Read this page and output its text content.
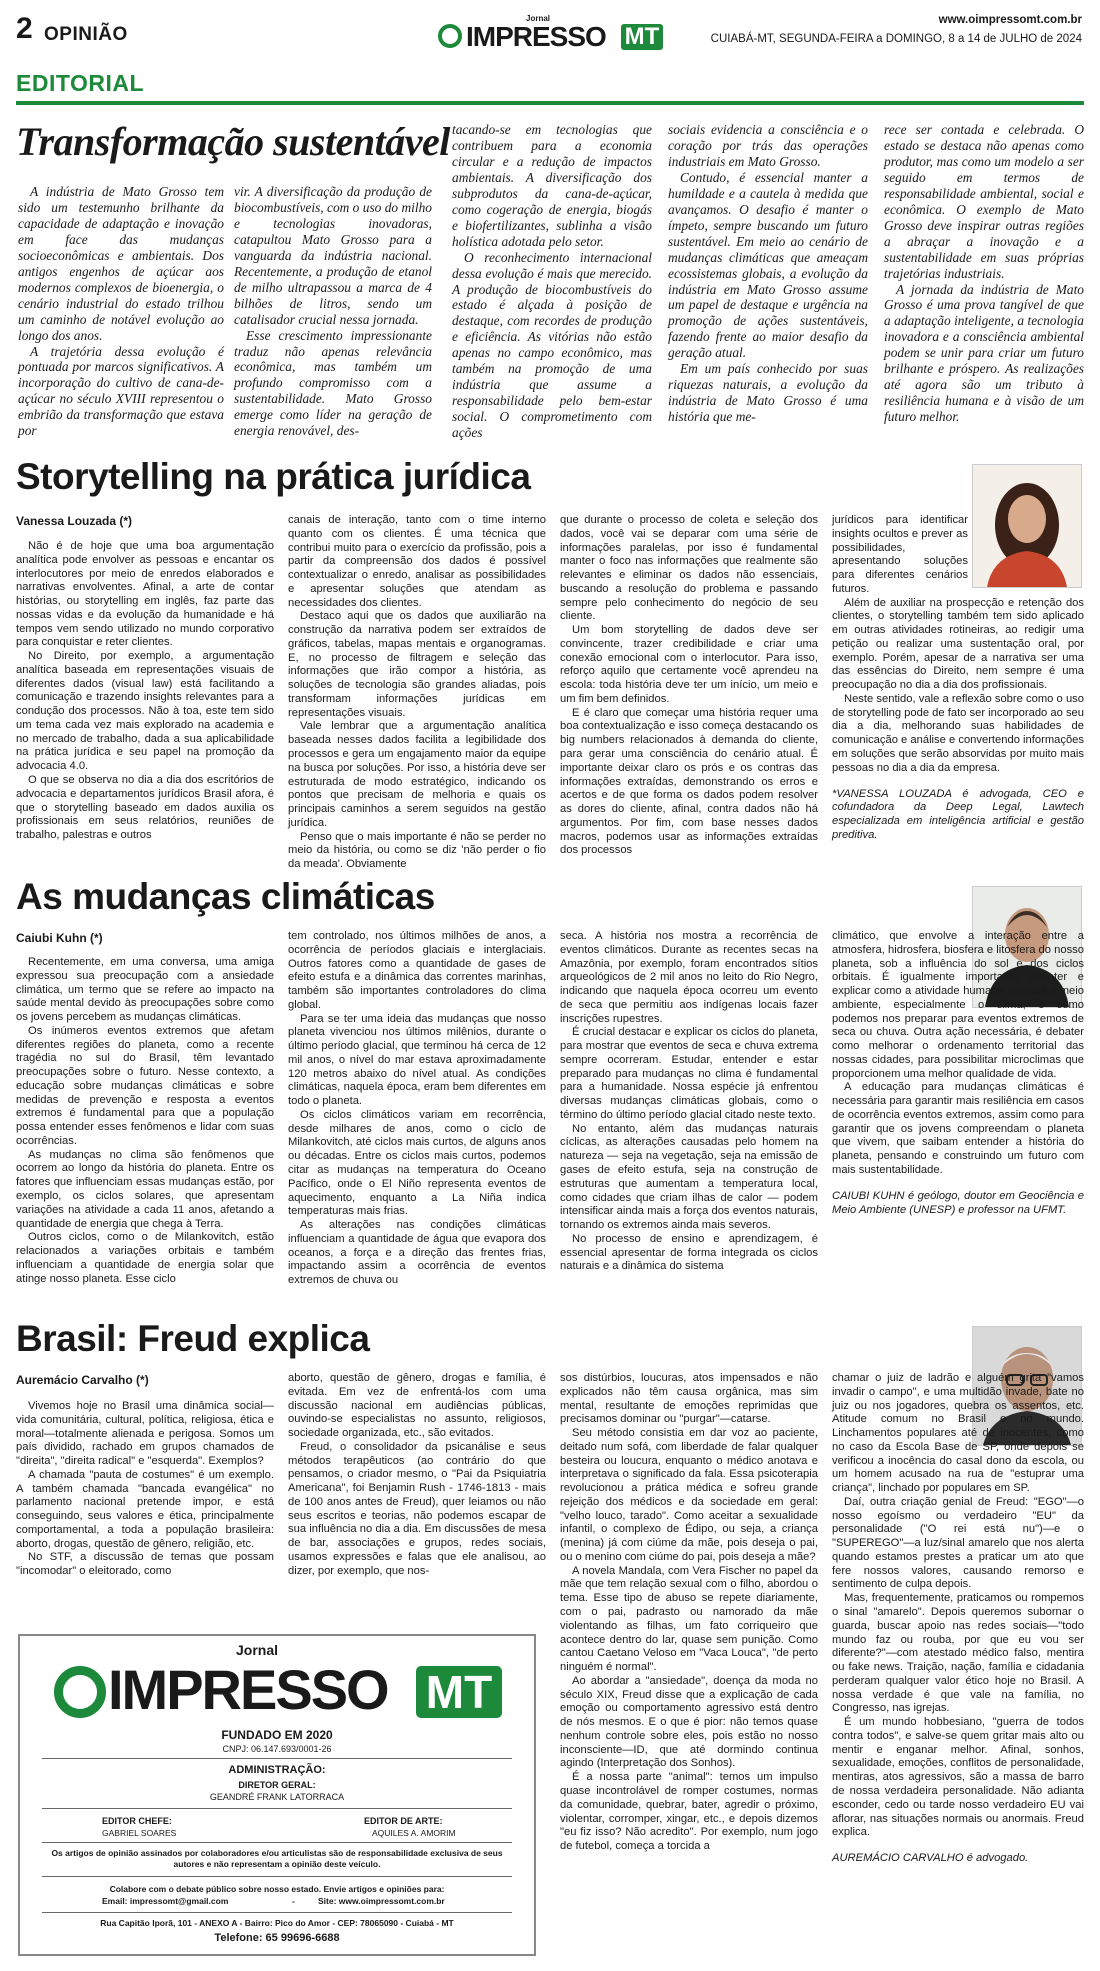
2 OPINIÃO
Jornal
IMPRESSO MT
www.oimpressomt.com.br
CUIABÁ-MT, SEGUNDA-FEIRA a DOMINGO, 8 a 14 de JULHO de 2024
EDITORIAL
Transformação sustentável

A indústria de Mato Grosso tem sido um testemunho brilhante da capacidade de adaptação e inovação em face das mudanças socioeconômicas e ambientais. Dos antigos engenhos de açúcar aos modernos complexos de bioenergia, o cenário industrial do estado trilhou um caminho de notável evolução ao longo dos anos.

A trajetória dessa evolução é pontuada por marcos significativos. A incorporação do cultivo de cana-de-açúcar no século XVIII representou o embrião da transformação que estava por

vir. A diversificação da produção de biocombustíveis, com o uso do milho e tecnologias inovadoras, catapultou Mato Grosso para a vanguarda da indústria nacional. Recentemente, a produção de etanol de milho ultrapassou a marca de 4 bilhões de litros, sendo um catalisador crucial nessa jornada.

Esse crescimento impressionante traduz não apenas relevância econômica, mas também um profundo compromisso com a sustentabilidade. Mato Grosso emerge como líder na geração de energia renovável, des-

tacando-se em tecnologias que contribuem para a economia circular e a redução de impactos ambientais. A diversificação dos subprodutos da cana-de-açúcar, como cogeração de energia, biogás e biofertilizantes, sublinha a visão holística adotada pelo setor.

O reconhecimento internacional dessa evolução é mais que merecido. A produção de biocombustíveis do estado é alçada à posição de destaque, com recordes de produção e eficiência. As vitórias não estão apenas no campo econômico, mas também na promoção de uma indústria que assume a responsabilidade pelo bem-estar social. O comprometimento com ações

sociais evidencia a consciência e o coração por trás das operações industriais em Mato Grosso.

Contudo, é essencial manter a humildade e a cautela à medida que avançamos. O desafio é manter o ímpeto, sempre buscando um futuro sustentável. Em meio ao cenário de mudanças climáticas que ameaçam ecossistemas globais, a evolução da indústria em Mato Grosso assume um papel de destaque e urgência na promoção de ações sustentáveis, fazendo frente ao maior desafio da geração atual.

Em um país conhecido por suas riquezas naturais, a evolução da indústria de Mato Grosso é uma história que me-

rece ser contada e celebrada. O estado se destaca não apenas como produtor, mas como um modelo a ser seguido em termos de responsabilidade ambiental, social e econômica. O exemplo de Mato Grosso deve inspirar outras regiões a abraçar a inovação e a sustentabilidade em suas próprias trajetórias industriais.

A jornada da indústria de Mato Grosso é uma prova tangível de que a adaptação inteligente, a tecnologia inovadora e a consciência ambiental podem se unir para criar um futuro brilhante e próspero. As realizações até agora são um tributo à resiliência humana e à visão de um futuro melhor.

Storytelling na prática jurídica
Vanessa Louzada (*)

Não é de hoje que uma boa argumentação analítica pode envolver as pessoas e encantar os interlocutores por meio de enredos elaborados e narrativas envolventes. Afinal, a arte de contar histórias, ou storytelling em inglês, faz parte das nossas vidas e da evolução da humanidade e há tempos vem sendo utilizado no mundo corporativo para conquistar e reter clientes.

No Direito, por exemplo, a argumentação analítica baseada em representações visuais de diferentes dados (visual law) está facilitando a comunicação e trazendo insights relevantes para a condução dos processos. Não à toa, este tem sido um tema cada vez mais explorado na academia e no mercado de trabalho, dada a sua aplicabilidade na prática jurídica e seu papel na promoção da advocacia 4.0.

O que se observa no dia a dia dos escritórios de advocacia e departamentos jurídicos Brasil afora, é que o storytelling baseado em dados auxilia os profissionais em seus relatórios, reuniões de trabalho, palestras e outros

canais de interação, tanto com o time interno quanto com os clientes. É uma técnica que contribui muito para o exercício da profissão, pois a partir da compreensão dos dados é possível contextualizar o enredo, analisar as possibilidades e apresentar soluções que atendam as necessidades dos clientes.

Destaco aqui que os dados que auxiliarão na construção da narrativa podem ser extraídos de gráficos, tabelas, mapas mentais e organogramas. E, no processo de filtragem e seleção das informações que irão compor a história, as soluções de tecnologia são grandes aliadas, pois transformam informações jurídicas em representações visuais.

Vale lembrar que a argumentação analítica baseada nesses dados facilita a legibilidade dos processos e gera um engajamento maior da equipe na busca por soluções. Por isso, a história deve ser estruturada de modo estratégico, indicando os pontos que precisam de melhoria e quais os principais caminhos a serem seguidos na gestão jurídica.

Penso que o mais importante é não se perder no meio da história, ou como se diz 'não perder o fio da meada'. Obviamente

que durante o processo de coleta e seleção dos dados, você vai se deparar com uma série de informações paralelas, por isso é fundamental manter o foco nas informações que realmente são relevantes e eliminar os dados não essenciais, buscando a resolução do problema e passando sempre pelo conhecimento do negócio de seu cliente.

Um bom storytelling de dados deve ser convincente, trazer credibilidade e criar uma conexão emocional com o interlocutor. Para isso, reforço aquilo que certamente você aprendeu na escola: toda história deve ter um início, um meio e um fim bem definidos.

E é claro que começar uma história requer uma boa contextualização e isso começa destacando os big numbers relacionados à demanda do cliente, para gerar uma consciência do cenário atual. É importante deixar claro os prós e os contras das informações extraídas, demonstrando os erros e acertos e de que forma os dados podem resolver as dores do cliente, afinal, contra dados não há argumentos. Por fim, com base nesses dados macros, podemos usar as informações extraídas dos processos

jurídicos para identificar insights ocultos e prever as possibilidades, apresentando soluções para diferentes cenários futuros.

Além de auxiliar na prospecção e retenção dos clientes, o storytelling também tem sido aplicado em outras atividades rotineiras, ao redigir uma petição ou realizar uma sustentação oral, por exemplo. Porém, apesar de a narrativa ser uma das essências do Direito, nem sempre é uma preocupação no dia a dia dos profissionais.

Neste sentido, vale a reflexão sobre como o uso de storytelling pode de fato ser incorporado ao seu dia a dia, melhorando suas habilidades de comunicação e análise e convertendo informações em soluções que serão absorvidas por muito mais pessoas no dia a dia da empresa.

*VANESSA LOUZADA é advogada, CEO e cofundadora da Deep Legal, Lawtech especializada em inteligência artificial e gestão preditiva.

As mudanças climáticas
Caiubi Kuhn (*)

Recentemente, em uma conversa, uma amiga expressou sua preocupação com a ansiedade climática, um termo que se refere ao impacto na saúde mental devido às preocupações sobre como os jovens percebem as mudanças climáticas.

Os inúmeros eventos extremos que afetam diferentes regiões do planeta, como a recente tragédia no sul do Brasil, têm levantado preocupações sobre o futuro. Nesse contexto, a educação sobre mudanças climáticas e sobre medidas de prevenção e resposta a eventos extremos é fundamental para que a população possa entender esses fenômenos e lidar com suas ocorrências.

As mudanças no clima são fenômenos que ocorrem ao longo da história do planeta. Entre os fatores que influenciam essas mudanças estão, por exemplo, os ciclos solares, que apresentam variações na atividade a cada 11 anos, afetando a quantidade de energia que chega à Terra.

Outros ciclos, como o de Milankovitch, estão relacionados a variações orbitais e também influenciam a quantidade de energia solar que atinge nosso planeta. Esse ciclo

tem controlado, nos últimos milhões de anos, a ocorrência de períodos glaciais e interglaciais. Outros fatores como a quantidade de gases de efeito estufa e a dinâmica das correntes marinhas, também são importantes controladores do clima global.

Para se ter uma ideia das mudanças que nosso planeta vivenciou nos últimos milênios, durante o último período glacial, que terminou há cerca de 12 mil anos, o nível do mar estava aproximadamente 120 metros abaixo do nível atual. As condições climáticas, naquela época, eram bem diferentes em todo o planeta.

Os ciclos climáticos variam em recorrência, desde milhares de anos, como o ciclo de Milankovitch, até ciclos mais curtos, de alguns anos ou décadas. Entre os ciclos mais curtos, podemos citar as mudanças na temperatura do Oceano Pacífico, onde o El Niño representa eventos de aquecimento, enquanto a La Niña indica temperaturas mais frias.

As alterações nas condições climáticas influenciam a quantidade de água que evapora dos oceanos, a força e a direção das frentes frias, impactando assim a ocorrência de eventos extremos de chuva ou

seca. A história nos mostra a recorrência de eventos climáticos. Durante as recentes secas na Amazônia, por exemplo, foram encontrados sítios arqueológicos de 2 mil anos no leito do Rio Negro, indicando que naquela época ocorreu um evento de seca que permitiu aos indígenas locais fazer inscrições rupestres.

É crucial destacar e explicar os ciclos do planeta, para mostrar que eventos de seca e chuva extrema sempre ocorreram. Estudar, entender e estar preparado para mudanças no clima é fundamental para a humanidade. Nossa espécie já enfrentou diversas mudanças climáticas globais, como o término do último período glacial citado neste texto.

No entanto, além das mudanças naturais cíclicas, as alterações causadas pelo homem na natureza — seja na vegetação, seja na emissão de gases de efeito estufa, seja na construção de estruturas que aumentam a temperatura local, como cidades que criam ilhas de calor — podem intensificar ainda mais a força dos eventos naturais, tornando os extremos ainda mais severos.

No processo de ensino e aprendizagem, é essencial apresentar de forma integrada os ciclos naturais e a dinâmica do sistema

climático, que envolve a interação entre a atmosfera, hidrosfera, biosfera e litosfera do nosso planeta, sob a influência do sol e dos ciclos orbitais. É igualmente importante debater e explicar como a atividade humana impacta o meio ambiente, especialmente o clima, e como podemos nos preparar para eventos extremos de seca ou chuva. Outra ação necessária, é debater como melhorar o ordenamento territorial das nossas cidades, para possibilitar microclimas que proporcionem uma melhor qualidade de vida.

A educação para mudanças climáticas é necessária para garantir mais resiliência em casos de ocorrência eventos extremos, assim como para garantir que os jovens compreendam o planeta que vivem, que saibam entender a história do planeta, pensando e construindo um futuro com mais sustentabilidade.

CAIUBI KUHN é geólogo, doutor em Geociência e Meio Ambiente (UNESP) e professor na UFMT.

Brasil: Freud explica
Auremácio Carvalho (*)

Vivemos hoje no Brasil uma dinâmica social—vida comunitária, cultural, política, religiosa, ética e moral—totalmente alienada e perigosa. Somos um país dividido, rachado em grupos chamados de "direita", "direita radical" e "esquerda". Exemplos?

A chamada "pauta de costumes" é um exemplo. A também chamada "bancada evangélica" no parlamento nacional pretende impor, e está conseguindo, seus valores e ética, principalmente comportamental, a toda a população brasileira: aborto, drogas, questão de gênero, religião, etc.

No STF, a discussão de temas que possam "incomodar" o eleitorado, como

aborto, questão de gênero, drogas e família, é evitada. Em vez de enfrentá-los com uma discussão nacional em audiências públicas, ouvindo-se especialistas no assunto, religiosos, sociedade organizada, etc., são evitados.

Freud, o consolidador da psicanálise e seus métodos terapêuticos (ao contrário do que pensamos, o criador mesmo, o "Pai da Psiquiatria Americana", foi Benjamin Rush - 1746-1813 - mais de 100 anos antes de Freud), quer leiamos ou não seus escritos e teorias, não podemos escapar de sua influência no dia a dia. Em discussões de mesa de bar, associações e grupos, redes sociais, usamos expressões e falas que ele analisou, ao dizer, por exemplo, que nos-

sos distúrbios, loucuras, atos impensados e não explicados não têm causa orgânica, mas sim mental, resultante de emoções reprimidas que precisamos dominar ou "purgar"—catarse.

Seu método consistia em dar voz ao paciente, deitado num sofá, com liberdade de falar qualquer besteira ou loucura, enquanto o médico anotava e interpretava o significado da fala. Essa psicoterapia revolucionou a prática médica e sofreu grande rejeição dos médicos e da sociedade em geral: "velho louco, tarado". Como aceitar a sexualidade infantil, o complexo de Édipo, ou seja, a criança (menina) já com ciúme da mãe, pois deseja o pai, ou o menino com ciúme do pai, pois deseja a mãe?

A novela Mandala, com Vera Fischer no papel da mãe que tem relação sexual com o filho, abordou o tema. Esse tipo de abuso se repete diariamente, com o pai, padrasto ou namorado da mãe violentando as filhas, um fato corriqueiro que acontece dentro do lar, quase sem punição. Como cantou Caetano Veloso em "Vaca Louca", "de perto ninguém é normal".

Ao abordar a "ansiedade", doença da moda no século XIX, Freud disse que a explicação de cada emoção ou comportamento agressivo está dentro de nós mesmos. E o que é pior: não temos quase nenhum controle sobre eles, pois estão no nosso inconsciente—ID, que até dormindo continua agindo (Interpretação dos Sonhos).

É a nossa parte "animal": temos um impulso quase incontrolável de romper costumes, normas da comunidade, quebrar, bater, agredir o próximo, violentar, corromper, xingar, etc., e depois dizemos "eu fiz isso? Não acredito". Por exemplo, num jogo de futebol, começa a torcida a

chamar o juiz de ladrão e alguém grita "vamos invadir o campo", e uma multidão invade, bate no juiz ou nos jogadores, quebra os assentos, etc. Atitude comum no Brasil e no mundo. Linchamentos populares até de inocentes, como no caso da Escola Base de SP, onde depois se verificou a inocência do casal dono da escola, ou um homem acusado na rua de "estuprar uma criança", linchado por populares em SP.

Daí, outra criação genial de Freud: "EGO"—o nosso egoísmo ou verdadeiro "EU" da personalidade ("O rei está nu")—e o "SUPEREGO"—a luz/sinal amarelo que nos alerta quando estamos prestes a praticar um ato que fere nossos valores, causando remorso e sentimento de culpa depois.

Mas, frequentemente, praticamos ou rompemos o sinal "amarelo". Depois queremos subornar o guarda, buscar apoio nas redes sociais—"todo mundo faz ou rouba, por que eu vou ser diferente?"—com atestado médico falso, mentira ou fake news. Traição, nação, família e cidadania perderam qualquer valor ético hoje no Brasil. A nossa verdade é que vale na família, no Congresso, nas igrejas.

É um mundo hobbesiano, "guerra de todos contra todos", e salve-se quem gritar mais alto ou mentir e enganar melhor. Afinal, sonhos, sexualidade, emoções, conflitos de personalidade, mentiras, atos agressivos, são a massa de barro de nossa verdadeira personalidade. Não adianta esconder, cedo ou tarde nosso verdadeiro EU vai aflorar, nas situações normais ou anormais. Freud explica.

AUREMÁCIO CARVALHO é advogado.

Jornal
IMPRESSO MT
FUNDADO EM 2020
CNPJ: 06.147.693/0001-26
ADMINISTRAÇÃO:
DIRETOR GERAL:
GEANDRÉ FRANK LATORRACA
EDITOR CHEFE:
GABRIEL SOARES
EDITOR DE ARTE:
AQUILES A. AMORIM
Os artigos de opinião assinados por colaboradores e/ou articulistas são de responsabilidade exclusiva de seus autores e não representam a opinião deste veículo.
Colabore com o debate público sobre nosso estado. Envie artigos e opiniões para:
Email: impressomt@gmail.com	-	Site: www.oimpressomt.com.br
Rua Capitão Iporã, 101 - ANEXO A - Bairro: Pico do Amor - CEP: 78065090 - Cuiabá - MT
Telefone: 65 99696-6688
